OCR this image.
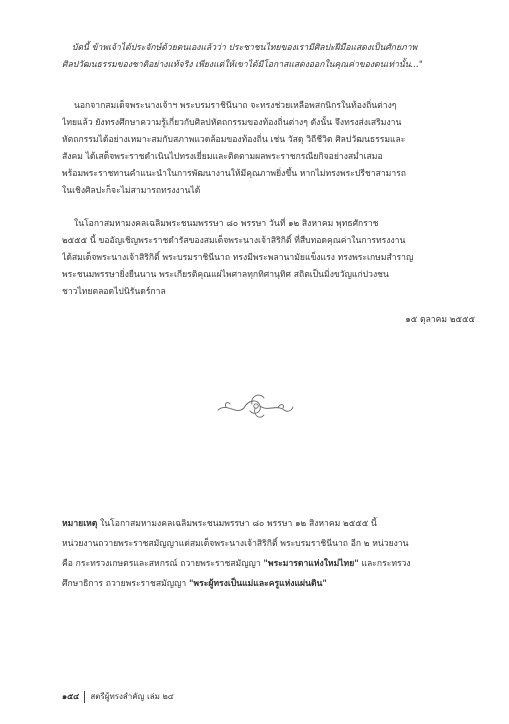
บัดนี้ ข้าพเจ้าได้ประจักษ์ด้วยตนเองแล้วว่า ประชาชนไทยของเรามีศิลปะฝีมือแสดงเป็นศักยภาพ
ศิลปวัฒนธรรมของชาติอย่างแท้จริง เพียงแต่ให้เขาได้มีโอกาสแสดงออกในคุณค่าของตนเท่านั้น..."
นอกจากสมเด็จพระนางเจ้าฯ พระบรมราชินีนาถ จะทรงช่วยเหลือพสกนิกรในท้องถิ่นต่างๆ
ไทยแล้ว ยังทรงศึกษาความรู้เกี่ยวกับศิลปหัตถกรรมของท้องถิ่นต่างๆ ดังนั้น จึงทรงส่งเสริมงาน
หัตถกรรมได้อย่างเหมาะสมกับสภาพแวดล้อมของท้องถิ่น เช่น วัสดุ วิถีชีวิต ศิลปวัฒนธรรมและ
สังคม ได้เสด็จพระราชดำเนินไปทรงเยี่ยมและติดตามผลพระราชกรณียกิจอย่างสม่ำเสมอ
พร้อมพระราชทานคำแนะนำในการพัฒนางานให้มีคุณภาพยิ่งขึ้น หากไม่ทรงพระปรีชาสามารถ
ในเชิงศิลปะก็จะไม่สามารถทรงงานได้
ในโอกาสมหามงคลเฉลิมพระชนมพรรษา ๘๐ พรรษา วันที่ ๑๒ สิงหาคม พุทธศักราช
๒๕๕๕ นี้ ขออัญเชิญพระราชดำรัสของสมเด็จพระนางเจ้าสิริกิติ์ ที่สืบทอดคุณค่าในการทรงงาน
ได้สมเด็จพระนางเจ้าสิริกิติ์ พระบรมราชินีนาถ ทรงมีพระพลานามัยแข็งแรง ทรงพระเกษมสำราญ
พระชนมพรรษายิ่งยืนนาน พระเกียรติคุณแผ่ไพศาลทุกทิศานุทิศ สถิตเป็นมิ่งขวัญแก่ปวงชน
ชาวไทยตลอดไปนิรันดร์กาล
๑๕ ตุลาคม ๒๕๕๕
หมายเหตุ ในโอกาสมหามงคลเฉลิมพระชนมพรรษา ๘๐ พรรษา ๑๒ สิงหาคม ๒๕๕๕ นี้
หน่วยงานถวายพระราชสมัญญาแด่สมเด็จพระนางเจ้าสิริกิติ์ พระบรมราชินีนาถ อีก ๒ หน่วยงาน
คือ กระทรวงเกษตรและสหกรณ์ ถวายพระราชสมัญญา "พระมารดาแห่งใหม่ไทย" และกระทรวง
ศึกษาธิการ ถวายพระราชสมัญญา "พระผู้ทรงเป็นแม่และครูแห่งแผ่นดิน"
๑๕๔ สตรีผู้ทรงสำคัญ เล่ม ๒๔
